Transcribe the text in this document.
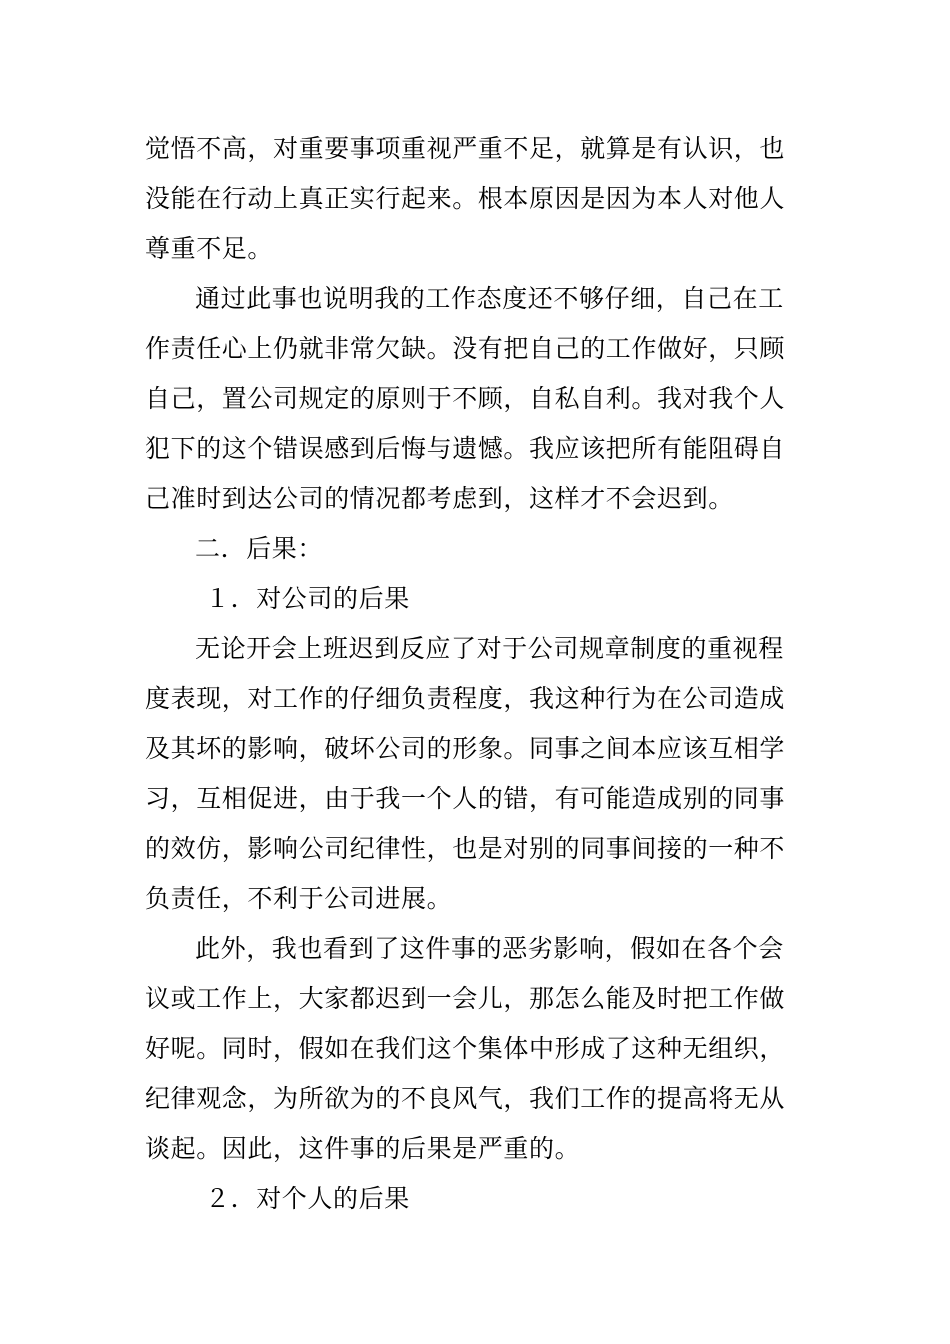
觉悟不高，对重要事项重视严重不足，就算是有认识，也
没能在行动上真正实行起来。根本原因是因为本人对他人
尊重不足。
通过此事也说明我的工作态度还不够仔细，自己在工
作责任心上仍就非常欠缺。没有把自己的工作做好，只顾
自己，置公司规定的原则于不顾，自私自利。我对我个人
犯下的这个错误感到后悔与遗憾。我应该把所有能阻碍自
己准时到达公司的情况都考虑到，这样才不会迟到。
二．后果：
１．对公司的后果
无论开会上班迟到反应了对于公司规章制度的重视程
度表现，对工作的仔细负责程度，我这种行为在公司造成
及其坏的影响，破坏公司的形象。同事之间本应该互相学
习，互相促进，由于我一个人的错，有可能造成别的同事
的效仿，影响公司纪律性，也是对别的同事间接的一种不
负责任，不利于公司进展。
此外，我也看到了这件事的恶劣影响，假如在各个会
议或工作上，大家都迟到一会儿，那怎么能及时把工作做
好呢。同时，假如在我们这个集体中形成了这种无组织，
纪律观念，为所欲为的不良风气，我们工作的提高将无从
谈起。因此，这件事的后果是严重的。
２．对个人的后果
